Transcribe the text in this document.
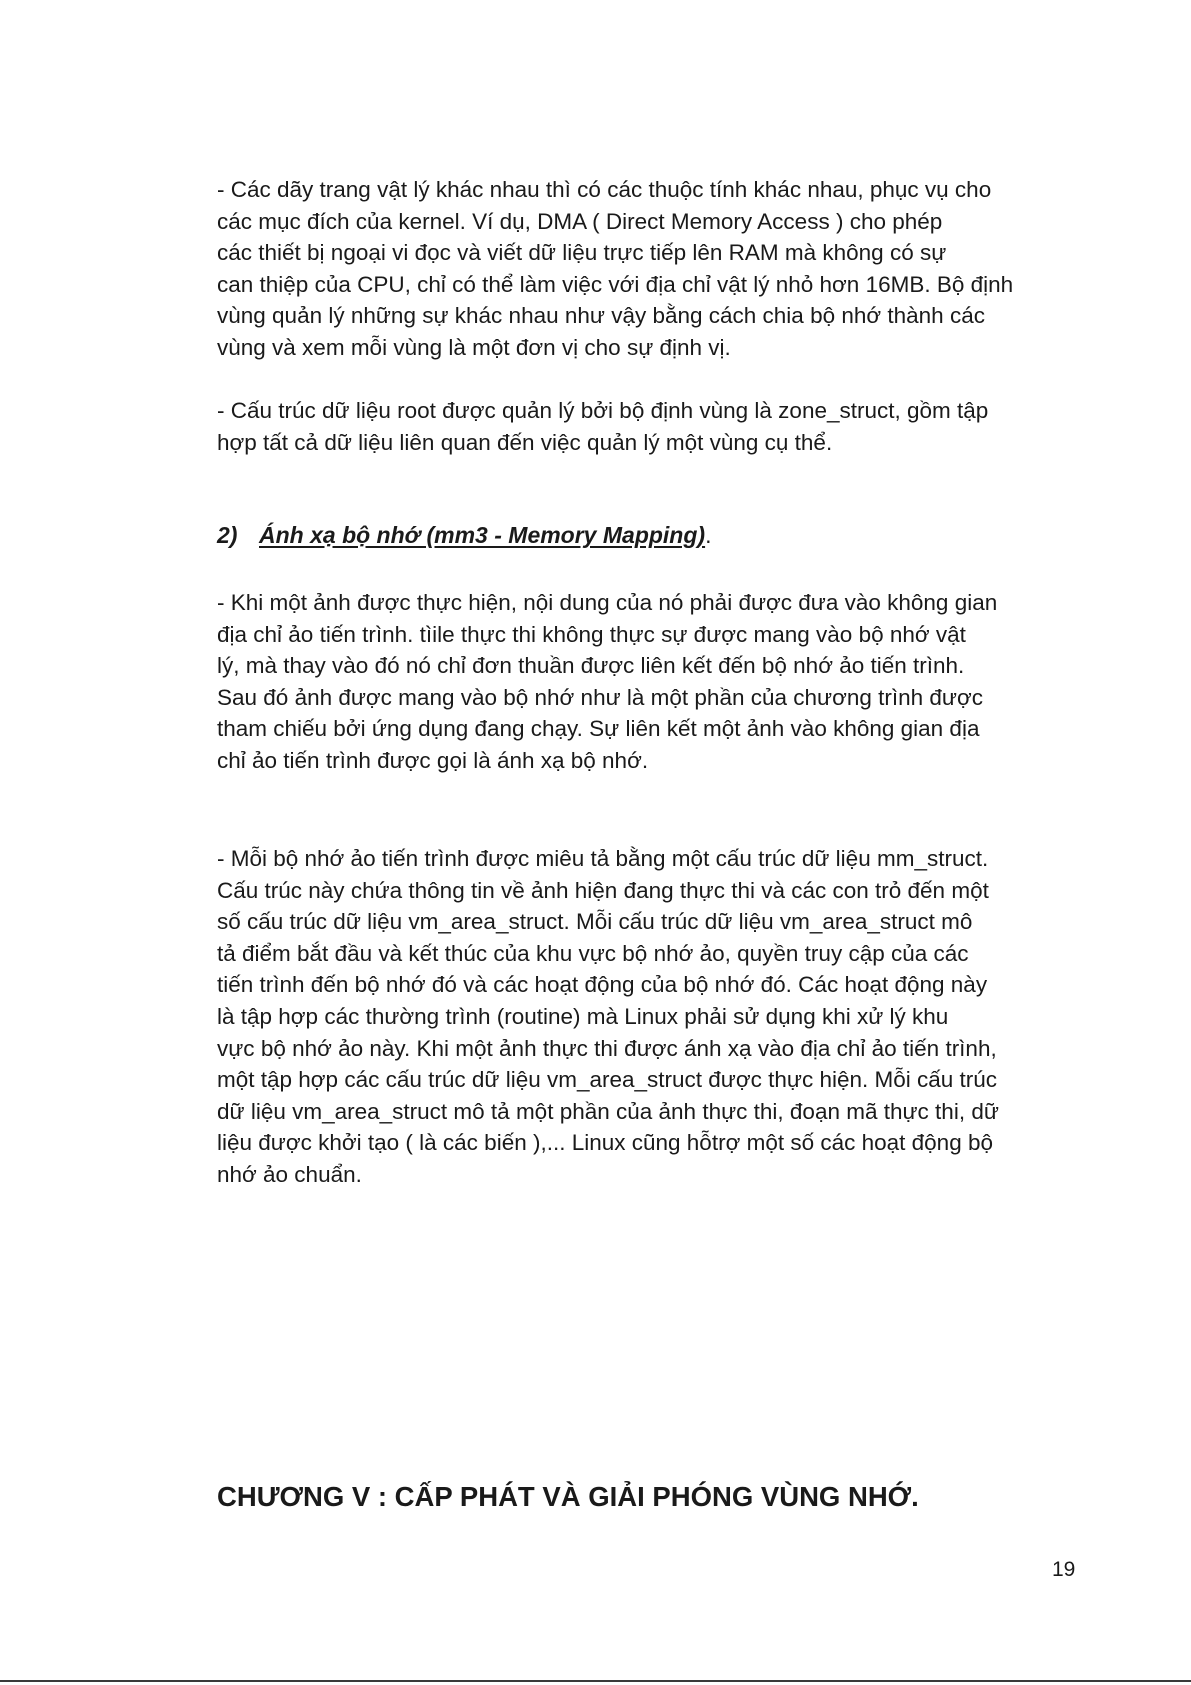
- Các dãy trang vật lý khác nhau thì có các thuộc tính khác nhau, phục vụ cho
các mục đích của kernel. Ví dụ, DMA ( Direct Memory Access ) cho phép
các thiết bị ngoại vi đọc và viết dữ liệu trực tiếp lên RAM mà không có sự
can thiệp của CPU, chỉ có thể làm việc với địa chỉ vật lý nhỏ hơn 16MB. Bộ định
vùng quản lý những sự khác nhau như vậy bằng cách chia bộ nhớ thành các
vùng và xem mỗi vùng là một đơn vị cho sự định vị.
- Cấu trúc dữ liệu root được quản lý bởi bộ định vùng là zone_struct, gồm tập
hợp tất cả dữ liệu liên quan đến việc quản lý một vùng cụ thể.

2) Ánh xạ bộ nhớ (mm3 - Memory Mapping).

- Khi một ảnh được thực hiện, nội dung của nó phải được đưa vào không gian
địa chỉ ảo tiến trình. tìile thực thi không thực sự được mang vào bộ nhớ vật
lý, mà thay vào đó nó chỉ đơn thuần được liên kết đến bộ nhớ ảo tiến trình.
Sau đó ảnh được mang vào bộ nhớ như là một phần của chương trình được
tham chiếu bởi ứng dụng đang chạy. Sự liên kết một ảnh vào không gian địa
chỉ ảo tiến trình được gọi là ánh xạ bộ nhớ.
- Mỗi bộ nhớ ảo tiến trình được miêu tả bằng một cấu trúc dữ liệu mm_struct.
Cấu trúc này chứa thông tin về ảnh hiện đang thực thi và các con trỏ đến một
số cấu trúc dữ liệu vm_area_struct. Mỗi cấu trúc dữ liệu vm_area_struct mô
tả điểm bắt đầu và kết thúc của khu vực bộ nhớ ảo, quyền truy cập của các
tiến trình đến bộ nhớ đó và các hoạt động của bộ nhớ đó. Các hoạt động này
là tập hợp các thường trình (routine) mà Linux phải sử dụng khi xử lý khu
vực bộ nhớ ảo này. Khi một ảnh thực thi được ánh xạ vào địa chỉ ảo tiến trình,
một tập hợp các cấu trúc dữ liệu vm_area_struct được thực hiện. Mỗi cấu trúc
dữ liệu vm_area_struct mô tả một phần của ảnh thực thi, đoạn mã thực thi, dữ
liệu được khởi tạo ( là các biến ),... Linux cũng hỗtrợ một số các hoạt động bộ
nhớ ảo chuẩn.

CHƯƠNG V : CẤP PHÁT VÀ GIẢI PHÓNG VÙNG NHỚ.

19
